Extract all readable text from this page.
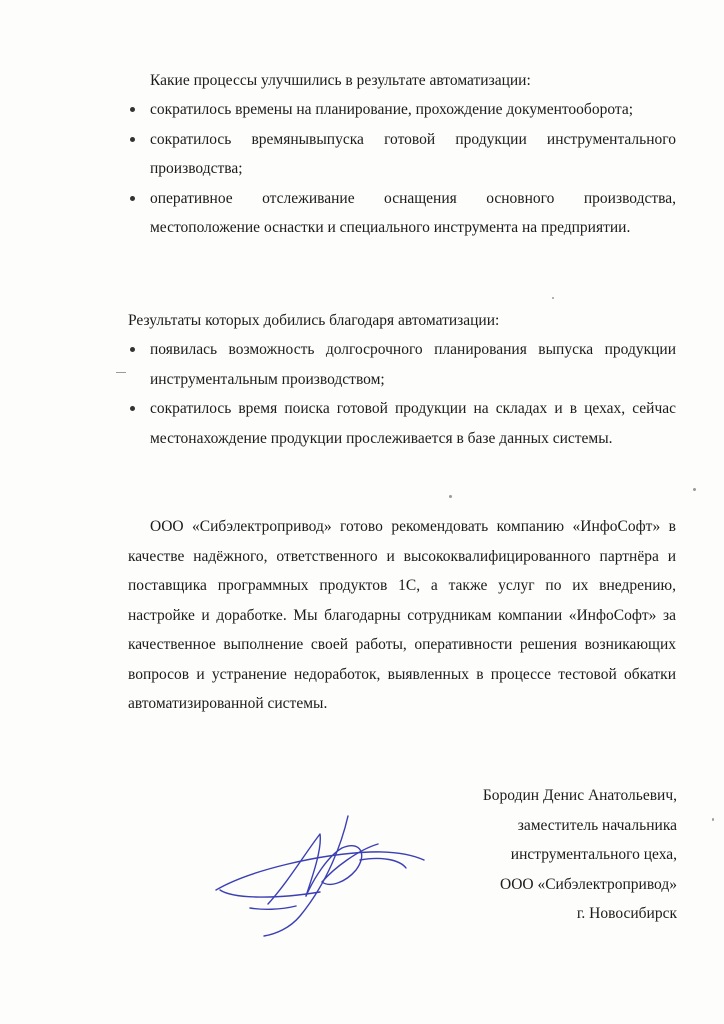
Какие процессы улучшились в результате автоматизации:
сократилось времены на планирование, прохождение документооборота;
сократилось времянывыпуска готовой продукции инструментального производства;
оперативное отслеживание оснащения основного производства, местоположение оснастки и специального инструмента на предприятии.
Результаты которых добились благодаря автоматизации:
появилась возможность долгосрочного планирования выпуска продукции инструментальным производством;
сократилось время поиска готовой продукции на складах и в цехах, сейчас местонахождение продукции прослеживается в базе данных системы.

ООО «Сибэлектропривод» готово рекомендовать компанию «ИнфоСофт» в качестве надёжного, ответственного и высококвалифицированного партнёра и поставщика программных продуктов 1С, а также услуг по их внедрению, настройке и доработке. Мы благодарны сотрудникам компании «ИнфоСофт» за качественное выполнение своей работы, оперативности решения возникающих вопросов и устранение недоработок, выявленных в процессе тестовой обкатки автоматизированной системы.

Бородин Денис Анатольевич,
заместитель начальника
инструментального цеха,
ООО «Сибэлектропривод»
г. Новосибирск
